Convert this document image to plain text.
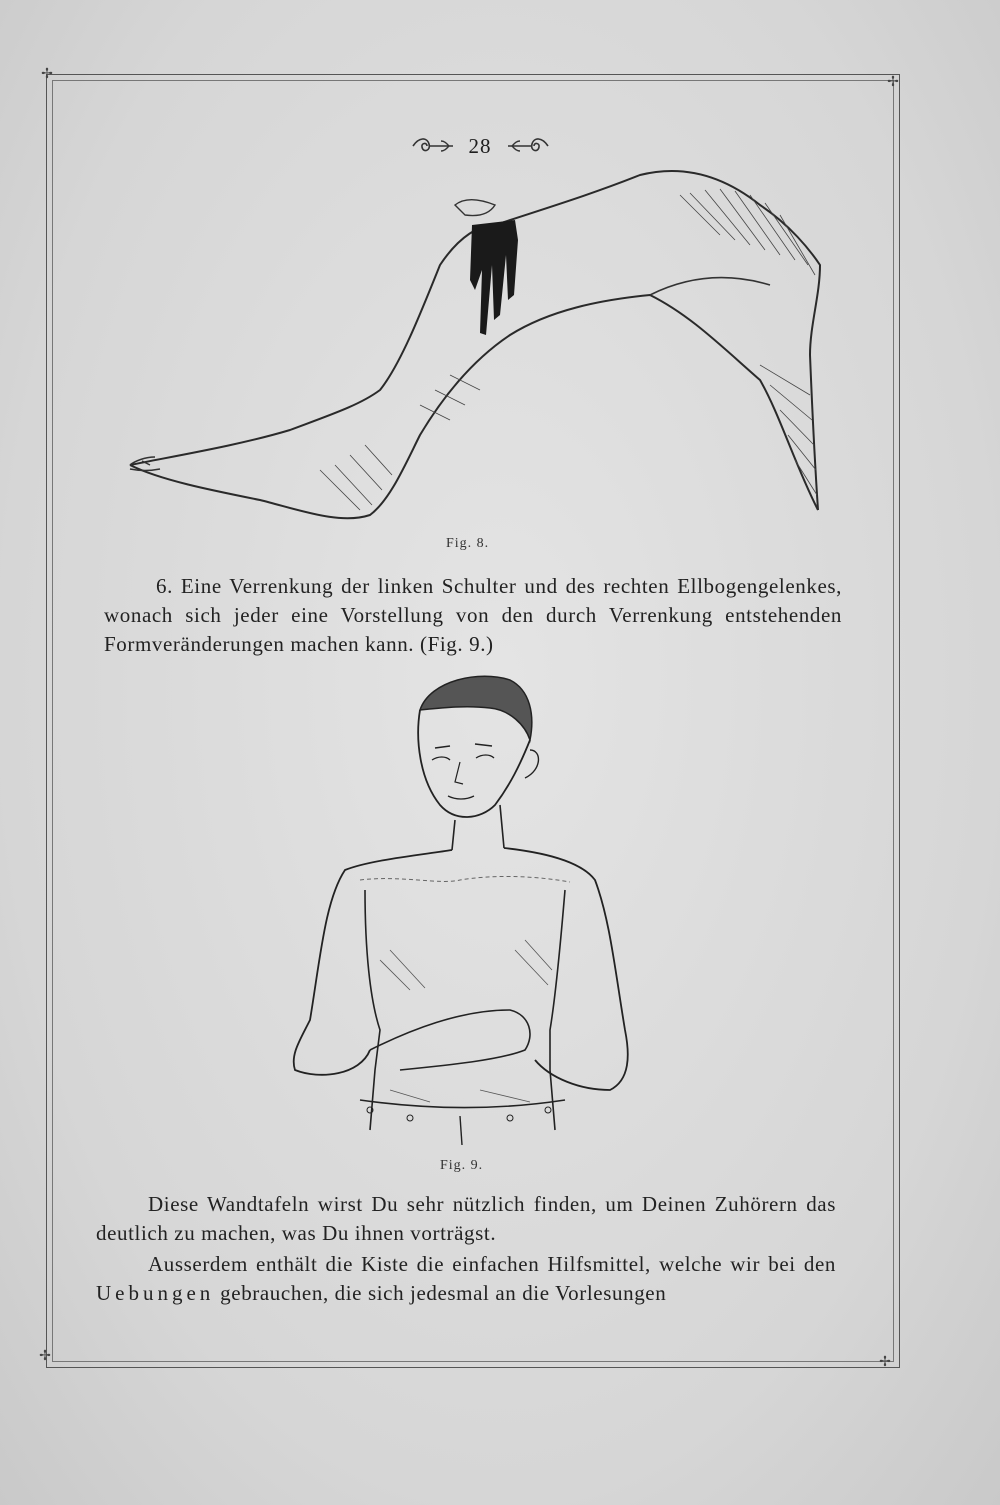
✢
✢
✢	✢
28
Fig. 8.

6. Eine Verrenkung der linken Schulter und des rechten Ellbogengelenkes, wonach sich jeder eine Vorstellung von den durch Verrenkung entstehenden Formveränderungen machen kann. (Fig. 9.)

Fig. 9.

Diese Wandtafeln wirst Du sehr nützlich finden, um Deinen Zuhörern das deutlich zu machen, was Du ihnen vorträgst.

Ausserdem enthält die Kiste die einfachen Hilfsmittel, welche wir bei den Uebungen gebrauchen, die sich jedesmal an die Vorlesungen
